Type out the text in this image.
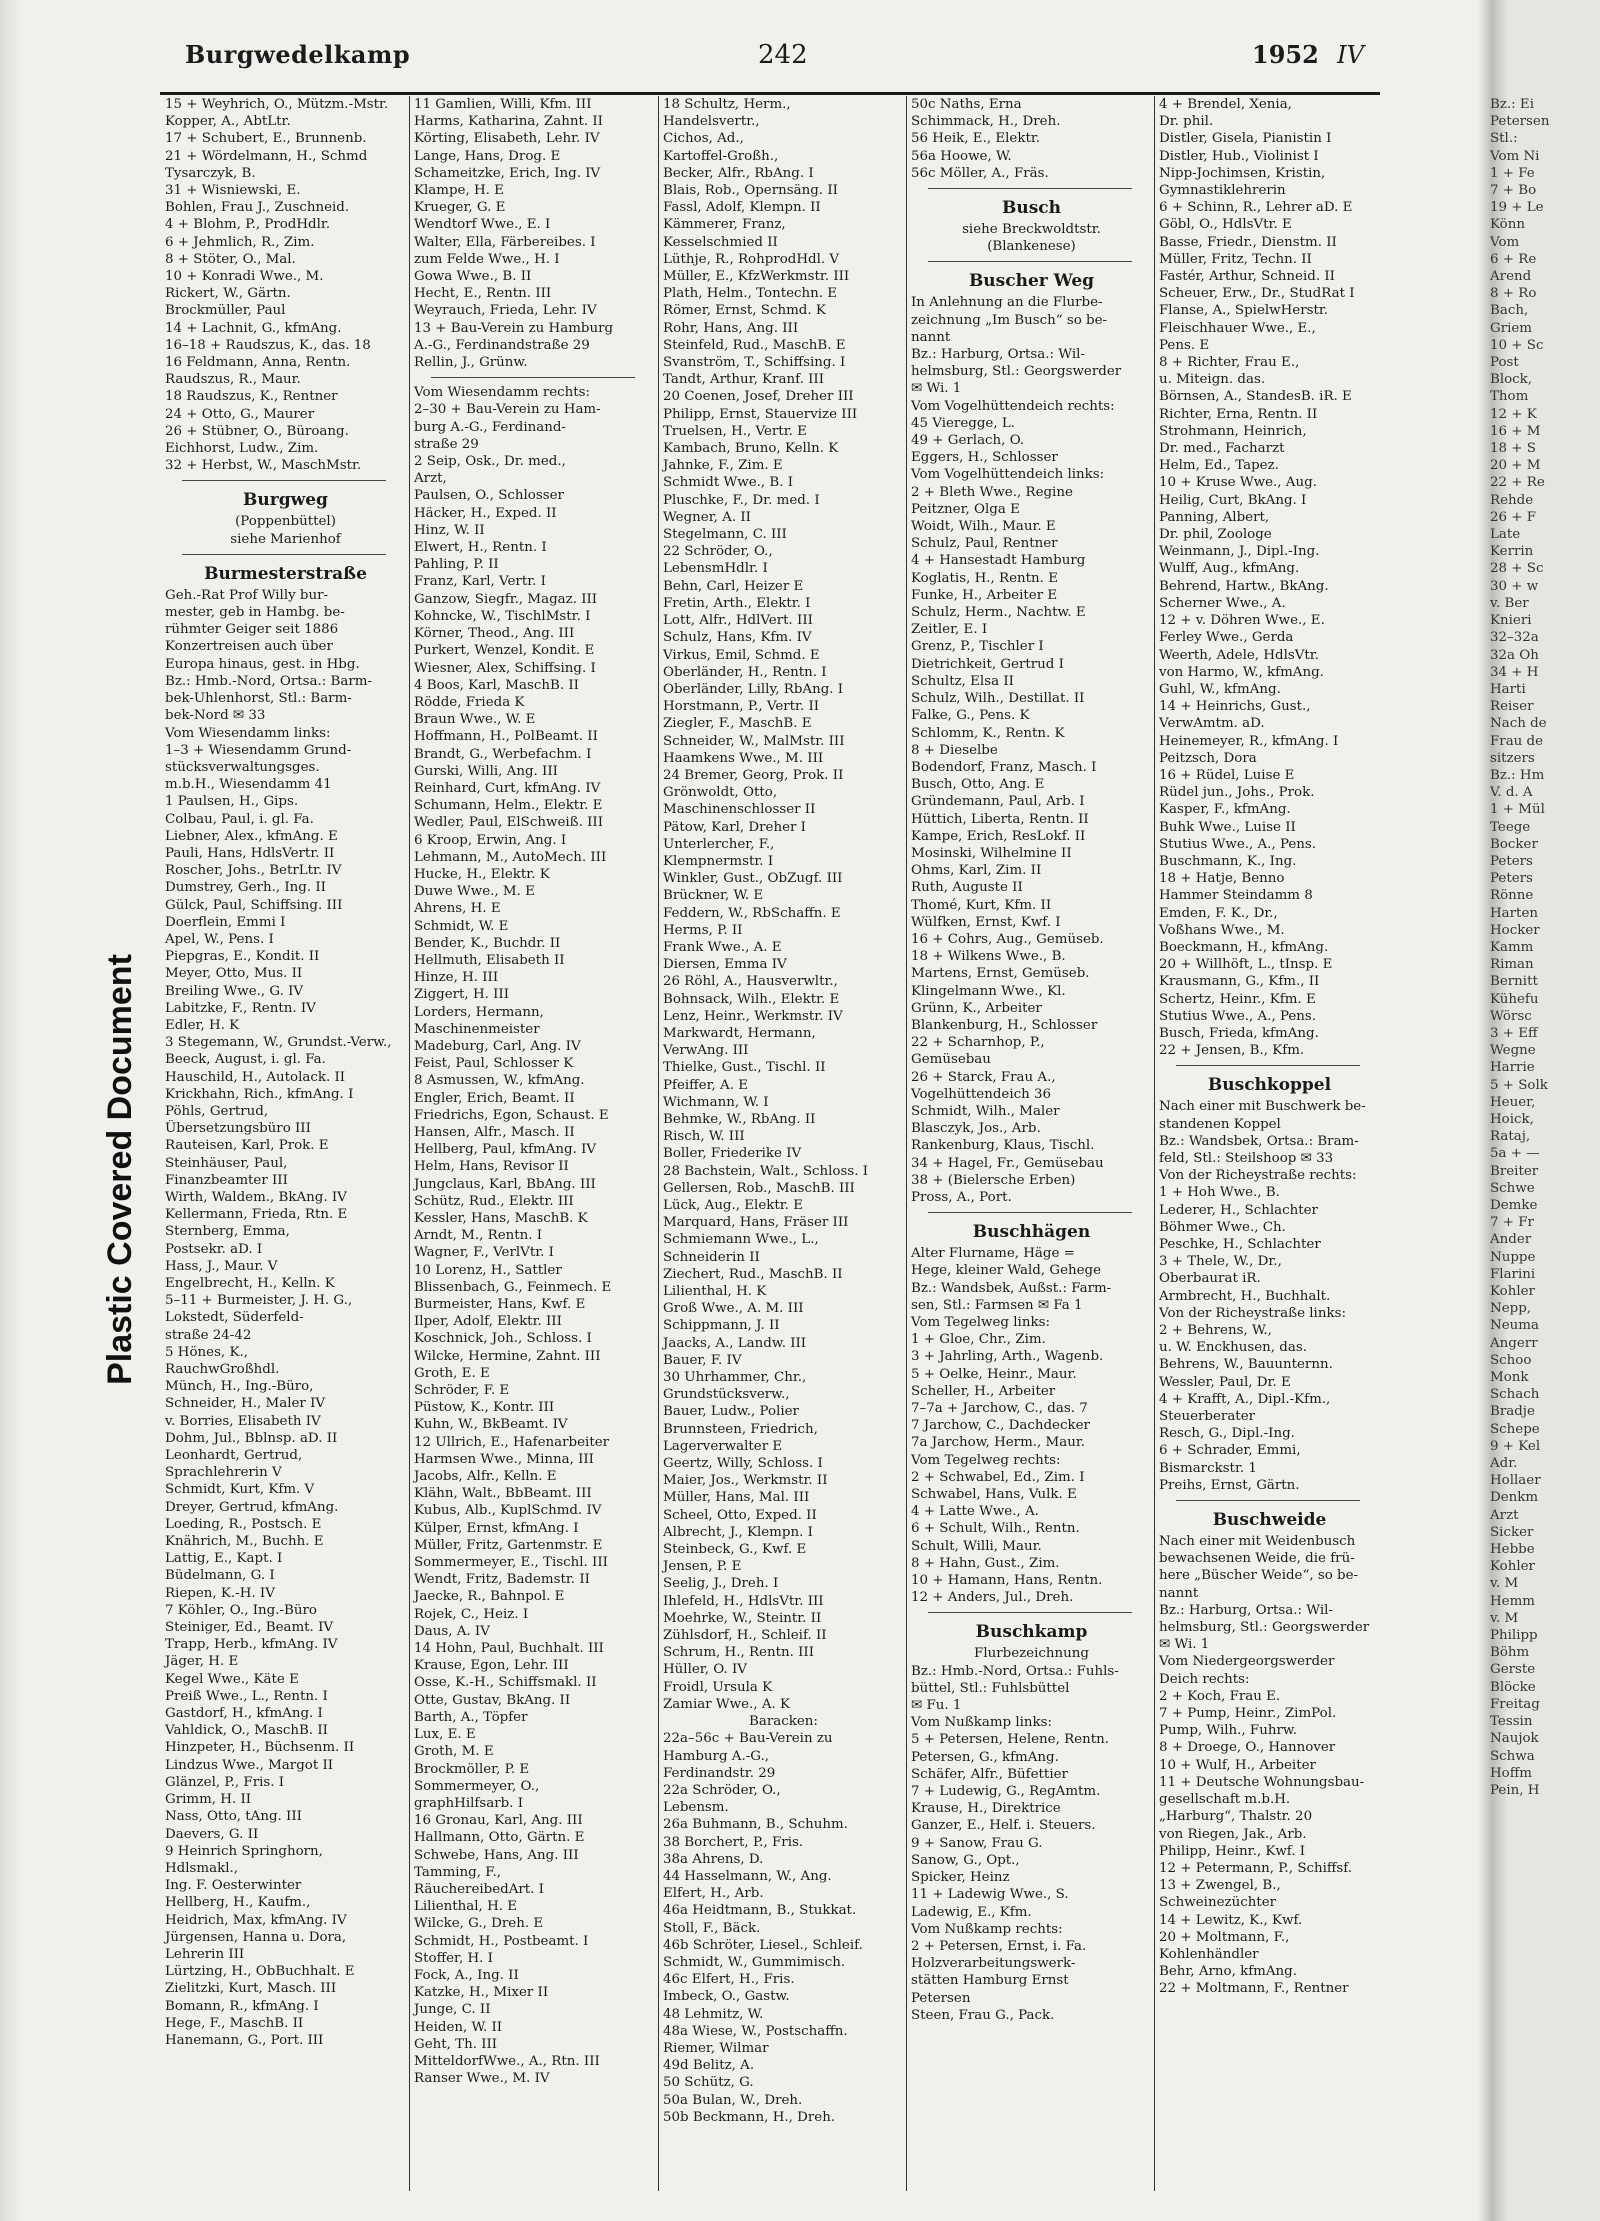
Plastic Covered Document
Burgwedelkamp	242	1952 IV
15 + Weyhrich, O., Mützm.-Mstr.
Kopper, A., AbtLtr.
17 + Schubert, E., Brunnenb.
21 + Wördelmann, H., Schmd
Tysarczyk, B.
31 + Wisniewski, E.
Bohlen, Frau J., Zuschneid.
4 + Blohm, P., ProdHdlr.
6 + Jehmlich, R., Zim.
8 + Stöter, O., Mal.
10 + Konradi Wwe., M.
Rickert, W., Gärtn.
Brockmüller, Paul
14 + Lachnit, G., kfmAng.
16–18 + Raudszus, K., das. 18
16 Feldmann, Anna, Rentn.
Raudszus, R., Maur.
18 Raudszus, K., Rentner
24 + Otto, G., Maurer
26 + Stübner, O., Büroang.
Eichhorst, Ludw., Zim.
32 + Herbst, W., MaschMstr.
Burgweg
(Poppenbüttel)
siehe Marienhof
Burmesterstraße
Geh.-Rat Prof Willy bur-
mester, geb in Hambg. be-
rühmter Geiger seit 1886
Konzertreisen auch über
Europa hinaus, gest. in Hbg.
Bz.: Hmb.-Nord, Ortsa.: Barm-
bek-Uhlenhorst, Stl.: Barm-
bek-Nord ✉ 33
Vom Wiesendamm links:
1–3 + Wiesendamm Grund-
stücksverwaltungsges.
m.b.H., Wiesendamm 41
1 Paulsen, H., Gips.
Colbau, Paul, i. gl. Fa.
Liebner, Alex., kfmAng. E
Pauli, Hans, HdlsVertr. II
Roscher, Johs., BetrLtr. IV
Dumstrey, Gerh., Ing. II
Gülck, Paul, Schiffsing. III
Doerflein, Emmi I
Apel, W., Pens. I
Piepgras, E., Kondit. II
Meyer, Otto, Mus. II
Breiling Wwe., G. IV
Labitzke, F., Rentn. IV
Edler, H. K
3 Stegemann, W., Grundst.-Verw.,
Beeck, August, i. gl. Fa.
Hauschild, H., Autolack. II
Krickhahn, Rich., kfmAng. I
Pöhls, Gertrud,
Übersetzungsbüro III
Rauteisen, Karl, Prok. E
Steinhäuser, Paul,
Finanzbeamter III
Wirth, Waldem., BkAng. IV
Kellermann, Frieda, Rtn. E
Sternberg, Emma,
Postsekr. aD. I
Hass, J., Maur. V
Engelbrecht, H., Kelln. K
5–11 + Burmeister, J. H. G.,
Lokstedt, Süderfeld-
straße 24-42
5 Hönes, K.,
RauchwGroßhdl.
Münch, H., Ing.-Büro,
Schneider, H., Maler IV
v. Borries, Elisabeth IV
Dohm, Jul., Bblnsp. aD. II
Leonhardt, Gertrud,
Sprachlehrerin V
Schmidt, Kurt, Kfm. V
Dreyer, Gertrud, kfmAng.
Loeding, R., Postsch. E
Knährich, M., Buchh. E
Lattig, E., Kapt. I
Büdelmann, G. I
Riepen, K.-H. IV
7 Köhler, O., Ing.-Büro
Steiniger, Ed., Beamt. IV
Trapp, Herb., kfmAng. IV
Jäger, H. E
Kegel Wwe., Käte E
Preiß Wwe., L., Rentn. I
Gastdorf, H., kfmAng. I
Vahldick, O., MaschB. II
Hinzpeter, H., Büchsenm. II
Lindzus Wwe., Margot II
Glänzel, P., Fris. I
Grimm, H. II
Nass, Otto, tAng. III
Daevers, G. II
9 Heinrich Springhorn,
Hdlsmakl.,
Ing. F. Oesterwinter
Hellberg, H., Kaufm.,
Heidrich, Max, kfmAng. IV
Jürgensen, Hanna u. Dora,
Lehrerin III
Lürtzing, H., ObBuchhalt. E
Zielitzki, Kurt, Masch. III
Bomann, R., kfmAng. I
Hege, F., MaschB. II
Hanemann, G., Port. III
11 Gamlien, Willi, Kfm. III
Harms, Katharina, Zahnt. II
Körting, Elisabeth, Lehr. IV
Lange, Hans, Drog. E
Schameitzke, Erich, Ing. IV
Klampe, H. E
Krueger, G. E
Wendtorf Wwe., E. I
Walter, Ella, Färbereibes. I
zum Felde Wwe., H. I
Gowa Wwe., B. II
Hecht, E., Rentn. III
Weyrauch, Frieda, Lehr. IV
13 + Bau-Verein zu Hamburg
A.-G., Ferdinandstraße 29
Rellin, J., Grünw.
Vom Wiesendamm rechts:
2–30 + Bau-Verein zu Ham-
burg A.-G., Ferdinand-
straße 29
2 Seip, Osk., Dr. med.,
Arzt,
Paulsen, O., Schlosser
Häcker, H., Exped. II
Hinz, W. II
Elwert, H., Rentn. I
Pahling, P. II
Franz, Karl, Vertr. I
Ganzow, Siegfr., Magaz. III
Kohncke, W., TischlMstr. I
Körner, Theod., Ang. III
Purkert, Wenzel, Kondit. E
Wiesner, Alex, Schiffsing. I
4 Boos, Karl, MaschB. II
Rödde, Frieda K
Braun Wwe., W. E
Hoffmann, H., PolBeamt. II
Brandt, G., Werbefachm. I
Gurski, Willi, Ang. III
Reinhard, Curt, kfmAng. IV
Schumann, Helm., Elektr. E
Wedler, Paul, ElSchweiß. III
6 Kroop, Erwin, Ang. I
Lehmann, M., AutoMech. III
Hucke, H., Elektr. K
Duwe Wwe., M. E
Ahrens, H. E
Schmidt, W. E
Bender, K., Buchdr. II
Hellmuth, Elisabeth II
Hinze, H. III
Ziggert, H. III
Lorders, Hermann,
Maschinenmeister
Madeburg, Carl, Ang. IV
Feist, Paul, Schlosser K
8 Asmussen, W., kfmAng.
Engler, Erich, Beamt. II
Friedrichs, Egon, Schaust. E
Hansen, Alfr., Masch. II
Hellberg, Paul, kfmAng. IV
Helm, Hans, Revisor II
Jungclaus, Karl, BbAng. III
Schütz, Rud., Elektr. III
Kessler, Hans, MaschB. K
Arndt, M., Rentn. I
Wagner, F., VerlVtr. I
10 Lorenz, H., Sattler
Blissenbach, G., Feinmech. E
Burmeister, Hans, Kwf. E
Ilper, Adolf, Elektr. III
Koschnick, Joh., Schloss. I
Wilcke, Hermine, Zahnt. III
Groth, E. E
Schröder, F. E
Püstow, K., Kontr. III
Kuhn, W., BkBeamt. IV
12 Ullrich, E., Hafenarbeiter
Harmsen Wwe., Minna, III
Jacobs, Alfr., Kelln. E
Klähn, Walt., BbBeamt. III
Kubus, Alb., KuplSchmd. IV
Külper, Ernst, kfmAng. I
Müller, Fritz, Gartenmstr. E
Sommermeyer, E., Tischl. III
Wendt, Fritz, Bademstr. II
Jaecke, R., Bahnpol. E
Rojek, C., Heiz. I
Daus, A. IV
14 Hohn, Paul, Buchhalt. III
Krause, Egon, Lehr. III
Osse, K.-H., Schiffsmakl. II
Otte, Gustav, BkAng. II
Barth, A., Töpfer
Lux, E. E
Groth, M. E
Brockmöller, P. E
Sommermeyer, O.,
graphHilfsarb. I
16 Gronau, Karl, Ang. III
Hallmann, Otto, Gärtn. E
Schwebe, Hans, Ang. III
Tamming, F.,
RäuchereibedArt. I
Lilienthal, H. E
Wilcke, G., Dreh. E
Schmidt, H., Postbeamt. I
Stoffer, H. I
Fock, A., Ing. II
Katzke, H., Mixer II
Junge, C. II
Heiden, W. II
Geht, Th. III
MitteldorfWwe., A., Rtn. III
Ranser Wwe., M. IV
18 Schultz, Herm.,
Handelsvertr.,
Cichos, Ad.,
Kartoffel-Großh.,
Becker, Alfr., RbAng. I
Blais, Rob., Opernsäng. II
Fassl, Adolf, Klempn. II
Kämmerer, Franz,
Kesselschmied II
Lüthje, R., RohprodHdl. V
Müller, E., KfzWerkmstr. III
Plath, Helm., Tontechn. E
Römer, Ernst, Schmd. K
Rohr, Hans, Ang. III
Steinfeld, Rud., MaschB. E
Svanström, T., Schiffsing. I
Tandt, Arthur, Kranf. III
20 Coenen, Josef, Dreher III
Philipp, Ernst, Stauervize III
Truelsen, H., Vertr. E
Kambach, Bruno, Kelln. K
Jahnke, F., Zim. E
Schmidt Wwe., B. I
Pluschke, F., Dr. med. I
Wegner, A. II
Stegelmann, C. III
22 Schröder, O.,
LebensmHdlr. I
Behn, Carl, Heizer E
Fretin, Arth., Elektr. I
Lott, Alfr., HdlVert. III
Schulz, Hans, Kfm. IV
Virkus, Emil, Schmd. E
Oberländer, H., Rentn. I
Oberländer, Lilly, RbAng. I
Horstmann, P., Vertr. II
Ziegler, F., MaschB. E
Schneider, W., MalMstr. III
Haamkens Wwe., M. III
24 Bremer, Georg, Prok. II
Grönwoldt, Otto,
Maschinenschlosser II
Pätow, Karl, Dreher I
Unterlercher, F.,
Klempnermstr. I
Winkler, Gust., ObZugf. III
Brückner, W. E
Feddern, W., RbSchaffn. E
Herms, P. II
Frank Wwe., A. E
Diersen, Emma IV
26 Röhl, A., Hausverwltr.,
Bohnsack, Wilh., Elektr. E
Lenz, Heinr., Werkmstr. IV
Markwardt, Hermann,
VerwAng. III
Thielke, Gust., Tischl. II
Pfeiffer, A. E
Wichmann, W. I
Behmke, W., RbAng. II
Risch, W. III
Boller, Friederike IV
28 Bachstein, Walt., Schloss. I
Gellersen, Rob., MaschB. III
Lück, Aug., Elektr. E
Marquard, Hans, Fräser III
Schmiemann Wwe., L.,
Schneiderin II
Ziechert, Rud., MaschB. II
Lilienthal, H. K
Groß Wwe., A. M. III
Schippmann, J. II
Jaacks, A., Landw. III
Bauer, F. IV
30 Uhrhammer, Chr.,
Grundstücksverw.,
Bauer, Ludw., Polier
Brunnsteen, Friedrich,
Lagerverwalter E
Geertz, Willy, Schloss. I
Maier, Jos., Werkmstr. II
Müller, Hans, Mal. III
Scheel, Otto, Exped. II
Albrecht, J., Klempn. I
Steinbeck, G., Kwf. E
Jensen, P. E
Seelig, J., Dreh. I
Ihlefeld, H., HdlsVtr. III
Moehrke, W., Steintr. II
Zühlsdorf, H., Schleif. II
Schrum, H., Rentn. III
Hüller, O. IV
Froidl, Ursula K
Zamiar Wwe., A. K
Baracken:
22a–56c + Bau-Verein zu
Hamburg A.-G.,
Ferdinandstr. 29
22a Schröder, O.,
Lebensm.
26a Buhmann, B., Schuhm.
38 Borchert, P., Fris.
38a Ahrens, D.
44 Hasselmann, W., Ang.
Elfert, H., Arb.
46a Heidtmann, B., Stukkat.
Stoll, F., Bäck.
46b Schröter, Liesel., Schleif.
Schmidt, W., Gummimisch.
46c Elfert, H., Fris.
Imbeck, O., Gastw.
48 Lehmitz, W.
48a Wiese, W., Postschaffn.
Riemer, Wilmar
49d Belitz, A.
50 Schütz, G.
50a Bulan, W., Dreh.
50b Beckmann, H., Dreh.
50c Naths, Erna
Schimmack, H., Dreh.
56 Heik, E., Elektr.
56a Hoowe, W.
56c Möller, A., Fräs.
Busch
siehe Breckwoldtstr.
(Blankenese)
Buscher Weg
In Anlehnung an die Flurbe-
zeichnung „Im Busch“ so be-
nannt
Bz.: Harburg, Ortsa.: Wil-
helmsburg, Stl.: Georgswerder
✉ Wi. 1
Vom Vogelhüttendeich rechts:
45 Vieregge, L.
49 + Gerlach, O.
Eggers, H., Schlosser
Vom Vogelhüttendeich links:
2 + Bleth Wwe., Regine
Peitzner, Olga E
Woidt, Wilh., Maur. E
Schulz, Paul, Rentner
4 + Hansestadt Hamburg
Koglatis, H., Rentn. E
Funke, H., Arbeiter E
Schulz, Herm., Nachtw. E
Zeitler, E. I
Grenz, P., Tischler I
Dietrichkeit, Gertrud I
Schultz, Elsa II
Schulz, Wilh., Destillat. II
Falke, G., Pens. K
Schlomm, K., Rentn. K
8 + Dieselbe
Bodendorf, Franz, Masch. I
Busch, Otto, Ang. E
Gründemann, Paul, Arb. I
Hüttich, Liberta, Rentn. II
Kampe, Erich, ResLokf. II
Mosinski, Wilhelmine II
Ohms, Karl, Zim. II
Ruth, Auguste II
Thomé, Kurt, Kfm. II
Wülfken, Ernst, Kwf. I
16 + Cohrs, Aug., Gemüseb.
18 + Wilkens Wwe., B.
Martens, Ernst, Gemüseb.
Klingelmann Wwe., Kl.
Grünn, K., Arbeiter
Blankenburg, H., Schlosser
22 + Scharnhop, P.,
Gemüsebau
26 + Starck, Frau A.,
Vogelhüttendeich 36
Schmidt, Wilh., Maler
Blasczyk, Jos., Arb.
Rankenburg, Klaus, Tischl.
34 + Hagel, Fr., Gemüsebau
38 + (Bielersche Erben)
Pross, A., Port.
Buschhägen
Alter Flurname, Häge =
Hege, kleiner Wald, Gehege
Bz.: Wandsbek, Außst.: Farm-
sen, Stl.: Farmsen ✉ Fa 1
Vom Tegelweg links:
1 + Gloe, Chr., Zim.
3 + Jahrling, Arth., Wagenb.
5 + Oelke, Heinr., Maur.
Scheller, H., Arbeiter
7–7a + Jarchow, C., das. 7
7 Jarchow, C., Dachdecker
7a Jarchow, Herm., Maur.
Vom Tegelweg rechts:
2 + Schwabel, Ed., Zim. I
Schwabel, Hans, Vulk. E
4 + Latte Wwe., A.
6 + Schult, Wilh., Rentn.
Schult, Willi, Maur.
8 + Hahn, Gust., Zim.
10 + Hamann, Hans, Rentn.
12 + Anders, Jul., Dreh.
Buschkamp
Flurbezeichnung
Bz.: Hmb.-Nord, Ortsa.: Fuhls-
büttel, Stl.: Fuhlsbüttel
✉ Fu. 1
Vom Nußkamp links:
5 + Petersen, Helene, Rentn.
Petersen, G., kfmAng.
Schäfer, Alfr., Büfettier
7 + Ludewig, G., RegAmtm.
Krause, H., Direktrice
Ganzer, E., Helf. i. Steuers.
9 + Sanow, Frau G.
Sanow, G., Opt.,
Spicker, Heinz
11 + Ladewig Wwe., S.
Ladewig, E., Kfm.
Vom Nußkamp rechts:
2 + Petersen, Ernst, i. Fa.
Holzverarbeitungswerk-
stätten Hamburg Ernst
Petersen
Steen, Frau G., Pack.
4 + Brendel, Xenia,
Dr. phil.
Distler, Gisela, Pianistin I
Distler, Hub., Violinist I
Nipp-Jochimsen, Kristin,
Gymnastiklehrerin
6 + Schinn, R., Lehrer aD. E
Göbl, O., HdlsVtr. E
Basse, Friedr., Dienstm. II
Müller, Fritz, Techn. II
Fastér, Arthur, Schneid. II
Scheuer, Erw., Dr., StudRat I
Flanse, A., SpielwHerstr.
Fleischhauer Wwe., E.,
Pens. E
8 + Richter, Frau E.,
u. Miteign. das.
Börnsen, A., StandesB. iR. E
Richter, Erna, Rentn. II
Strohmann, Heinrich,
Dr. med., Facharzt
Helm, Ed., Tapez.
10 + Kruse Wwe., Aug.
Heilig, Curt, BkAng. I
Panning, Albert,
Dr. phil, Zoologe
Weinmann, J., Dipl.-Ing.
Wulff, Aug., kfmAng.
Behrend, Hartw., BkAng.
Scherner Wwe., A.
12 + v. Döhren Wwe., E.
Ferley Wwe., Gerda
Weerth, Adele, HdlsVtr.
von Harmo, W., kfmAng.
Guhl, W., kfmAng.
14 + Heinrichs, Gust.,
VerwAmtm. aD.
Heinemeyer, R., kfmAng. I
Peitzsch, Dora
16 + Rüdel, Luise E
Rüdel jun., Johs., Prok.
Kasper, F., kfmAng.
Buhk Wwe., Luise II
Stutius Wwe., A., Pens.
Buschmann, K., Ing.
18 + Hatje, Benno
Hammer Steindamm 8
Emden, F. K., Dr.,
Voßhans Wwe., M.
Boeckmann, H., kfmAng.
20 + Willhöft, L., tInsp. E
Krausmann, G., Kfm., II
Schertz, Heinr., Kfm. E
Stutius Wwe., A., Pens.
Busch, Frieda, kfmAng.
22 + Jensen, B., Kfm.
Buschkoppel
Nach einer mit Buschwerk be-
standenen Koppel
Bz.: Wandsbek, Ortsa.: Bram-
feld, Stl.: Steilshoop ✉ 33
Von der Richeystraße rechts:
1 + Hoh Wwe., B.
Lederer, H., Schlachter
Böhmer Wwe., Ch.
Peschke, H., Schlachter
3 + Thele, W., Dr.,
Oberbaurat iR.
Armbrecht, H., Buchhalt.
Von der Richeystraße links:
2 + Behrens, W.,
u. W. Enckhusen, das.
Behrens, W., Bauunternn.
Wessler, Paul, Dr. E
4 + Krafft, A., Dipl.-Kfm.,
Steuerberater
Resch, G., Dipl.-Ing.
6 + Schrader, Emmi,
Bismarckstr. 1
Preihs, Ernst, Gärtn.
Buschweide
Nach einer mit Weidenbusch
bewachsenen Weide, die frü-
here „Büscher Weide“, so be-
nannt
Bz.: Harburg, Ortsa.: Wil-
helmsburg, Stl.: Georgswerder
✉ Wi. 1
Vom Niedergeorgswerder
Deich rechts:
2 + Koch, Frau E.
7 + Pump, Heinr., ZimPol.
Pump, Wilh., Fuhrw.
8 + Droege, O., Hannover
10 + Wulf, H., Arbeiter
11 + Deutsche Wohnungsbau-
gesellschaft m.b.H.
„Harburg“, Thalstr. 20
von Riegen, Jak., Arb.
Philipp, Heinr., Kwf. I
12 + Petermann, P., Schiffsf.
13 + Zwengel, B.,
Schweinezüchter
14 + Lewitz, K., Kwf.
20 + Moltmann, F.,
Kohlenhändler
Behr, Arno, kfmAng.
22 + Moltmann, F., Rentner
Bz.: Ei
Petersen
Stl.:
Vom Ni
1 + Fe
7 + Bo
19 + Le
Könn
Vom
6 + Re
Arend
8 + Ro
Bach,
Griem
10 + Sc
Post
Block,
Thom
12 + K
16 + M
18 + S
20 + M
22 + Re
Rehde
26 + F
Late
Kerrin
28 + Sc
30 + w
v. Ber
Knieri
32–32a
32a Oh
34 + H
Harti
Reiser
Nach de
Frau de
sitzers
Bz.: Hm
V. d. A
1 + Mül
Teege
Bocker
Peters
Peters
Rönne
Harten
Hocker
Kamm
Riman
Bernitt
Kühefu
Wörsc
3 + Eff
Wegne
Harrie
5 + Solk
Heuer,
Hoick,
Rataj,
5a + —
Breiter
Schwe
Demke
7 + Fr
Ander
Nuppe
Flarini
Kohler
Nepp,
Neuma
Angerr
Schoo
Monk
Schach
Bradje
Schepe
9 + Kel
Adr.
Hollaer
Denkm
Arzt
Sicker
Hebbe
Kohler
v. M
Hemm
v. M
Philipp
Böhm
Gerste
Blöcke
Freitag
Tessin
Naujok
Schwa
Hoffm
Pein, H
